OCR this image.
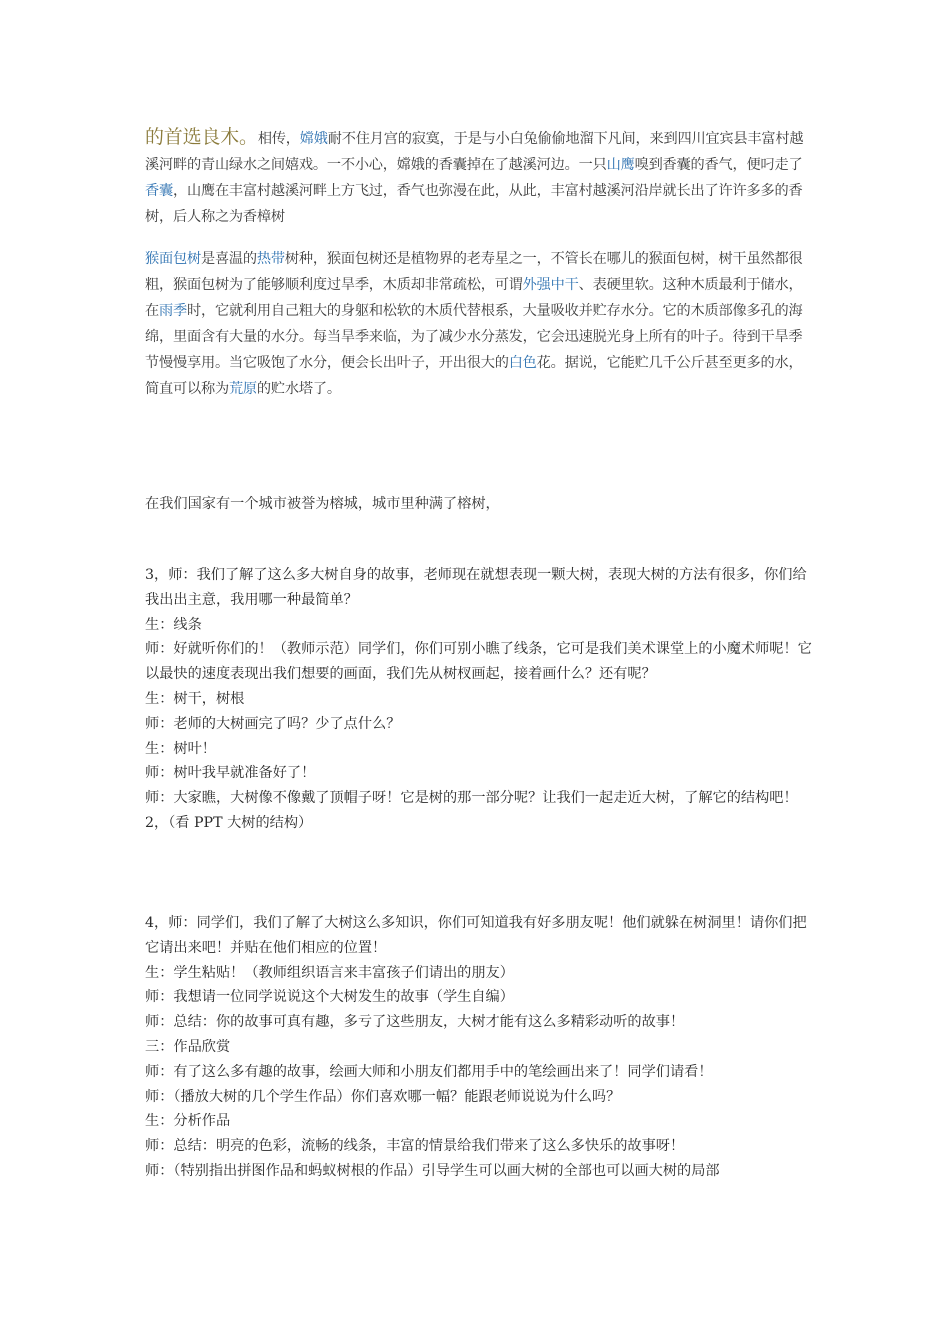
的首选良木。相传，嫦娥耐不住月宫的寂寞，于是与小白兔偷偷地溜下凡间，来到四川宜宾县丰富村越溪河畔的青山绿水之间嬉戏。一不小心，嫦娥的香囊掉在了越溪河边。一只山鹰嗅到香囊的香气，便叼走了香囊，山鹰在丰富村越溪河畔上方飞过，香气也弥漫在此，从此，丰富村越溪河沿岸就长出了许许多多的香树，后人称之为香樟树
猴面包树是喜温的热带树种，猴面包树还是植物界的老寿星之一，不管长在哪儿的猴面包树，树干虽然都很粗，猴面包树为了能够顺利度过旱季，木质却非常疏松，可谓外强中干、表硬里软。这种木质最利于储水，在雨季时，它就利用自己粗大的身躯和松软的木质代替根系，大量吸收并贮存水分。它的木质部像多孔的海绵，里面含有大量的水分。每当旱季来临，为了减少水分蒸发，它会迅速脱光身上所有的叶子。待到干旱季节慢慢享用。当它吸饱了水分，便会长出叶子，开出很大的白色花。据说，它能贮几千公斤甚至更多的水，简直可以称为荒原的贮水塔了。
在我们国家有一个城市被誉为榕城，城市里种满了榕树，
3，师：我们了解了这么多大树自身的故事，老师现在就想表现一颗大树，表现大树的方法有很多，你们给我出出主意，我用哪一种最简单？
生：线条
师：好就听你们的！（教师示范）同学们，你们可别小瞧了线条，它可是我们美术课堂上的小魔术师呢！它以最快的速度表现出我们想要的画面，我们先从树杈画起，接着画什么？还有呢？
生：树干，树根
师：老师的大树画完了吗？少了点什么？
生：树叶！
师：树叶我早就准备好了！
师：大家瞧，大树像不像戴了顶帽子呀！它是树的那一部分呢？让我们一起走近大树，了解它的结构吧！
2，（看 PPT 大树的结构）
4，师：同学们，我们了解了大树这么多知识，你们可知道我有好多朋友呢！他们就躲在树洞里！请你们把它请出来吧！并贴在他们相应的位置！
生：学生粘贴！（教师组织语言来丰富孩子们请出的朋友）
师：我想请一位同学说说这个大树发生的故事（学生自编）
师：总结：你的故事可真有趣，多亏了这些朋友，大树才能有这么多精彩动听的故事！
三：作品欣赏
师：有了这么多有趣的故事，绘画大师和小朋友们都用手中的笔绘画出来了！同学们请看！
师：（播放大树的几个学生作品）你们喜欢哪一幅？能跟老师说说为什么吗？
生：分析作品
师：总结：明亮的色彩，流畅的线条，丰富的情景给我们带来了这么多快乐的故事呀！
师：（特别指出拼图作品和蚂蚁树根的作品）引导学生可以画大树的全部也可以画大树的局部
